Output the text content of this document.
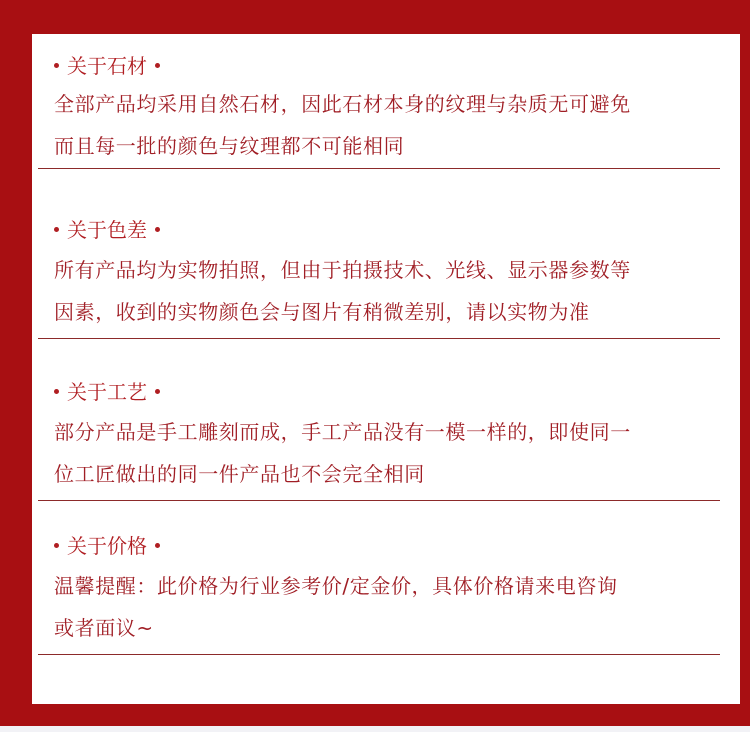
关于石材
全部产品均采用自然石材，因此石材本身的纹理与杂质无可避免
而且每一批的颜色与纹理都不可能相同
关于色差
所有产品均为实物拍照，但由于拍摄技术、光线、显示器参数等
因素，收到的实物颜色会与图片有稍微差别，请以实物为准
关于工艺
部分产品是手工雕刻而成，手工产品没有一模一样的，即使同一
位工匠做出的同一件产品也不会完全相同
关于价格
温馨提醒：此价格为行业参考价/定金价，具体价格请来电咨询
或者面议~
